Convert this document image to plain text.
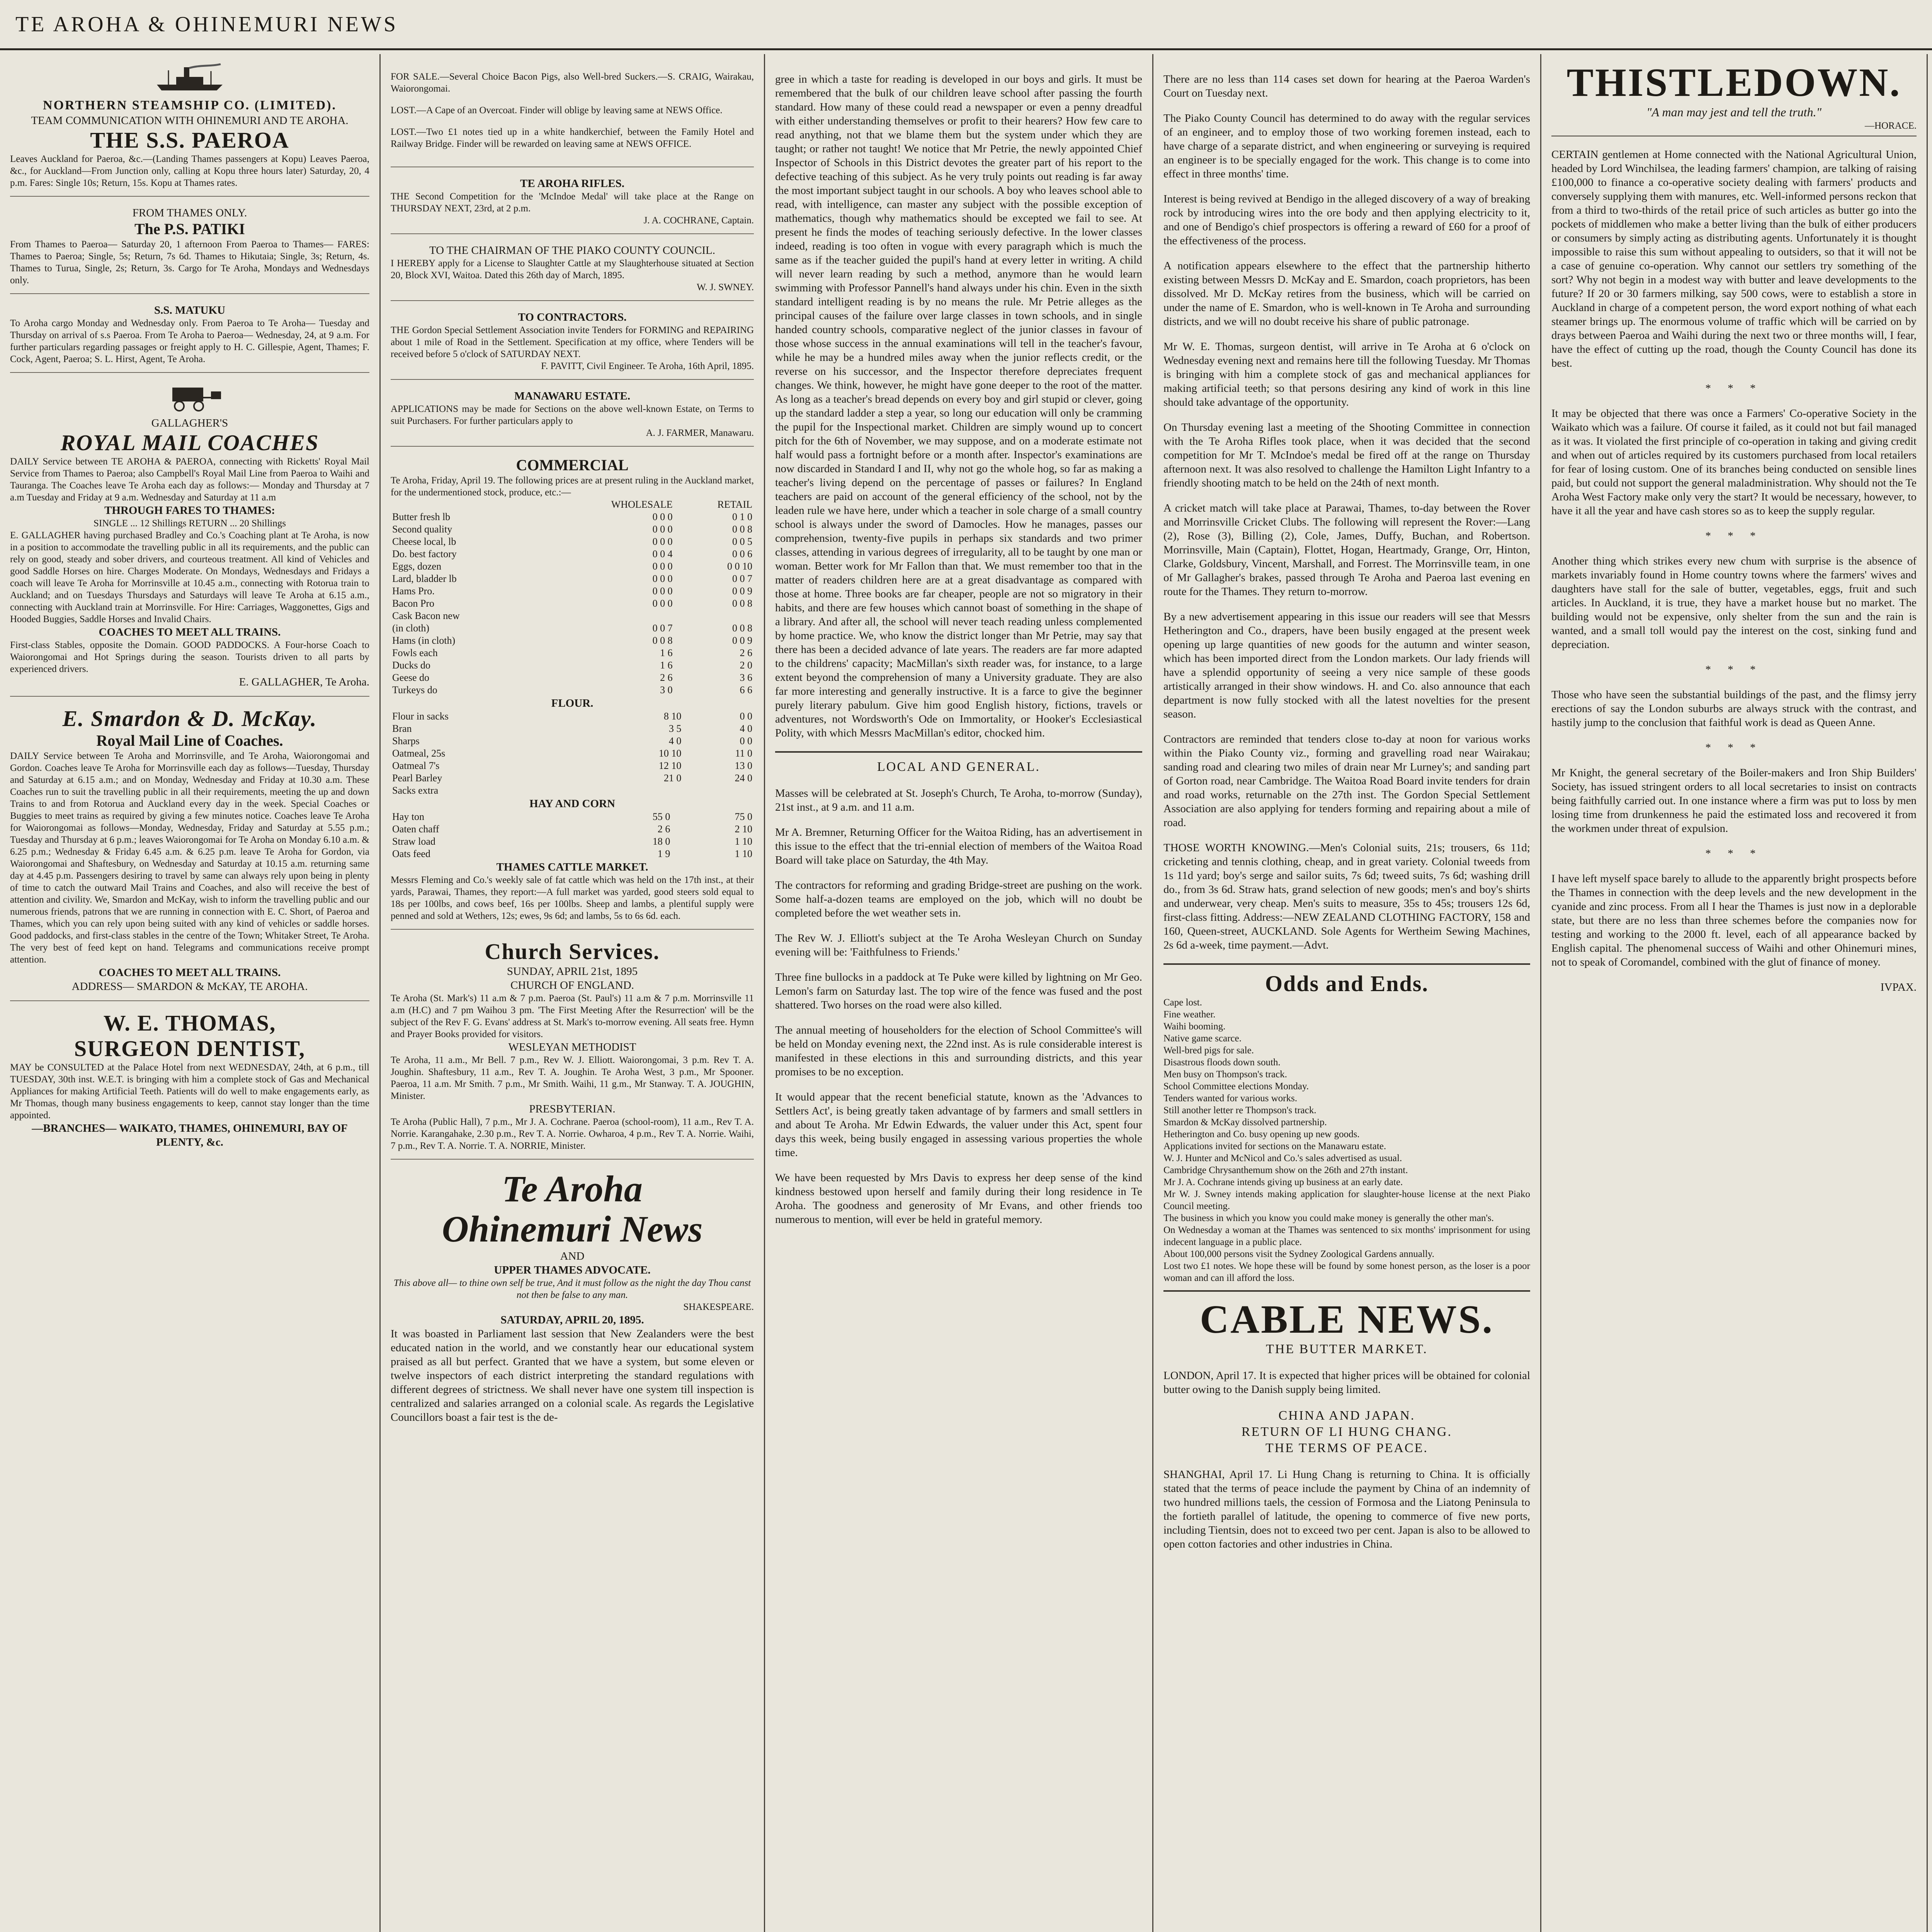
TE AROHA & OHINEMURI NEWS
NORTHERN STEAMSHIP CO. (LIMITED).
TEAM COMMUNICATION WITH OHINEMURI AND TE AROHA.
THE S.S. PAEROA
Leaves Auckland for Paeroa, &c.—(Landing Thames passengers at Kopu) Leaves Paeroa, &c., for Auckland—From Junction only, calling at Kopu three hours later) Saturday, 20, 4 p.m. Fares: Single 10s; Return, 15s. Kopu at Thames rates.
FROM THAMES ONLY.
The P.S. PATIKI
From Thames to Paeroa— Saturday 20, 1 afternoon From Paeroa to Thames— FARES: Thames to Paeroa; Single, 5s; Return, 7s 6d. Thames to Hikutaia; Single, 3s; Return, 4s. Thames to Turua, Single, 2s; Return, 3s. Cargo for Te Aroha, Mondays and Wednesdays only.
S.S. MATUKU
To Aroha cargo Monday and Wednesday only. From Paeroa to Te Aroha— Tuesday and Thursday on arrival of s.s Paeroa. From Te Aroha to Paeroa— Wednesday, 24, at 9 a.m. For further particulars regarding passages or freight apply to H. C. Gillespie, Agent, Thames; F. Cock, Agent, Paeroa; S. L. Hirst, Agent, Te Aroha.
GALLAGHER'S
ROYAL MAIL COACHES
DAILY Service between TE AROHA & PAEROA, connecting with Ricketts' Royal Mail Service from Thames to Paeroa; also Campbell's Royal Mail Line from Paeroa to Waihi and Tauranga. The Coaches leave Te Aroha each day as follows:— Monday and Thursday at 7 a.m Tuesday and Friday at 9 a.m. Wednesday and Saturday at 11 a.m
THROUGH FARES TO THAMES:
SINGLE ... 12 Shillings RETURN ... 20 Shillings
E. GALLAGHER having purchased Bradley and Co.'s Coaching plant at Te Aroha, is now in a position to accommodate the travelling public in all its requirements, and the public can rely on good, steady and sober drivers, and courteous treatment. All kind of Vehicles and good Saddle Horses on hire. Charges Moderate. On Mondays, Wednesdays and Fridays a coach will leave Te Aroha for Morrinsville at 10.45 a.m., connecting with Rotorua train to Auckland; and on Tuesdays Thursdays and Saturdays will leave Te Aroha at 6.15 a.m., connecting with Auckland train at Morrinsville. For Hire: Carriages, Waggonettes, Gigs and Hooded Buggies, Saddle Horses and Invalid Chairs.
COACHES TO MEET ALL TRAINS.
First-class Stables, opposite the Domain. GOOD PADDOCKS. A Four-horse Coach to Waiorongomai and Hot Springs during the season. Tourists driven to all parts by experienced drivers.
E. GALLAGHER, Te Aroha.
E. Smardon & D. McKay.
Royal Mail Line of Coaches.
DAILY Service between Te Aroha and Morrinsville, and Te Aroha, Waiorongomai and Gordon. Coaches leave Te Aroha for Morrinsville each day as follows—Tuesday, Thursday and Saturday at 6.15 a.m.; and on Monday, Wednesday and Friday at 10.30 a.m. These Coaches run to suit the travelling public in all their requirements, meeting the up and down Trains to and from Rotorua and Auckland every day in the week. Special Coaches or Buggies to meet trains as required by giving a few minutes notice. Coaches leave Te Aroha for Waiorongomai as follows—Monday, Wednesday, Friday and Saturday at 5.55 p.m.; Tuesday and Thursday at 6 p.m.; leaves Waiorongomai for Te Aroha on Monday 6.10 a.m. & 6.25 p.m.; Wednesday & Friday 6.45 a.m. & 6.25 p.m. leave Te Aroha for Gordon, via Waiorongomai and Shaftesbury, on Wednesday and Saturday at 10.15 a.m. returning same day at 4.45 p.m. Passengers desiring to travel by same can always rely upon being in plenty of time to catch the outward Mail Trains and Coaches, and also will receive the best of attention and civility. We, Smardon and McKay, wish to inform the travelling public and our numerous friends, patrons that we are running in connection with E. C. Short, of Paeroa and Thames, which you can rely upon being suited with any kind of vehicles or saddle horses. Good paddocks, and first-class stables in the centre of the Town; Whitaker Street, Te Aroha. The very best of feed kept on hand. Telegrams and communications receive prompt attention.
COACHES TO MEET ALL TRAINS.
ADDRESS— SMARDON & McKAY, TE AROHA.
W. E. THOMAS,
SURGEON DENTIST,
MAY be CONSULTED at the Palace Hotel from next WEDNESDAY, 24th, at 6 p.m., till TUESDAY, 30th inst. W.E.T. is bringing with him a complete stock of Gas and Mechanical Appliances for making Artificial Teeth. Patients will do well to make engagements early, as Mr Thomas, though many business engagements to keep, cannot stay longer than the time appointed.
—BRANCHES— WAIKATO, THAMES, OHINEMURI, BAY OF PLENTY, &c.

FOR SALE.—Several Choice Bacon Pigs, also Well-bred Suckers.—S. CRAIG, Wairakau, Waiorongomai.

LOST.—A Cape of an Overcoat. Finder will oblige by leaving same at NEWS Office.

LOST.—Two £1 notes tied up in a white handkerchief, between the Family Hotel and Railway Bridge. Finder will be rewarded on leaving same at NEWS OFFICE.

TE AROHA RIFLES.
THE Second Competition for the 'McIndoe Medal' will take place at the Range on THURSDAY NEXT, 23rd, at 2 p.m.
J. A. COCHRANE, Captain.
TO THE CHAIRMAN OF THE PIAKO COUNTY COUNCIL.
I HEREBY apply for a License to Slaughter Cattle at my Slaughterhouse situated at Section 20, Block XVI, Waitoa. Dated this 26th day of March, 1895.
W. J. SWNEY.
TO CONTRACTORS.
THE Gordon Special Settlement Association invite Tenders for FORMING and REPAIRING about 1 mile of Road in the Settlement. Specification at my office, where Tenders will be received before 5 o'clock of SATURDAY NEXT.
F. PAVITT, Civil Engineer. Te Aroha, 16th April, 1895.
MANAWARU ESTATE.
APPLICATIONS may be made for Sections on the above well-known Estate, on Terms to suit Purchasers. For further particulars apply to
A. J. FARMER, Manawaru.
COMMERCIAL
Te Aroha, Friday, April 19. The following prices are at present ruling in the Auckland market, for the undermentioned stock, produce, etc.:—
	WHOLESALE	RETAIL
Butter fresh lb	0 0 0	0 1 0
Second quality	0 0 0	0 0 8
Cheese local, lb	0 0 0	0 0 5
Do. best factory	0 0 4	0 0 6
Eggs, dozen	0 0 0	0 0 10
Lard, bladder lb	0 0 0	0 0 7
Hams Pro.	0 0 0	0 0 9
Bacon Pro	0 0 0	0 0 8
Cask Bacon new		
(in cloth)	0 0 7	0 0 8
Hams (in cloth)	0 0 8	0 0 9
Fowls each	1 6	2 6
Ducks do	1 6	2 0
Geese do	2 6	3 6
Turkeys do	3 0	6 6
FLOUR.
Flour in sacks	8 10	0 0
Bran	3 5	4 0
Sharps	4 0	0 0
Oatmeal, 25s	10 10	11 0
Oatmeal 7's	12 10	13 0
Pearl Barley	21 0	24 0
Sacks extra		
HAY AND CORN
Hay ton	55 0	75 0
Oaten chaff	2 6	2 10
Straw load	18 0	1 10
Oats feed	1 9	1 10
THAMES CATTLE MARKET.
Messrs Fleming and Co.'s weekly sale of fat cattle which was held on the 17th inst., at their yards, Parawai, Thames, they report:—A full market was yarded, good steers sold equal to 18s per 100lbs, and cows beef, 16s per 100lbs. Sheep and lambs, a plentiful supply were penned and sold at Wethers, 12s; ewes, 9s 6d; and lambs, 5s to 6s 6d. each.
Church Services.
SUNDAY, APRIL 21st, 1895
CHURCH OF ENGLAND.
Te Aroha (St. Mark's) 11 a.m & 7 p.m. Paeroa (St. Paul's) 11 a.m & 7 p.m. Morrinsville 11 a.m (H.C) and 7 pm Waihou 3 pm. 'The First Meeting After the Resurrection' will be the subject of the Rev F. G. Evans' address at St. Mark's to-morrow evening. All seats free. Hymn and Prayer Books provided for visitors.
WESLEYAN METHODIST
Te Aroha, 11 a.m., Mr Bell. 7 p.m., Rev W. J. Elliott. Waiorongomai, 3 p.m. Rev T. A. Joughin. Shaftesbury, 11 a.m., Rev T. A. Joughin. Te Aroha West, 3 p.m., Mr Spooner. Paeroa, 11 a.m. Mr Smith. 7 p.m., Mr Smith. Waihi, 11 g.m., Mr Stanway. T. A. JOUGHIN, Minister.
PRESBYTERIAN.
Te Aroha (Public Hall), 7 p.m., Mr J. A. Cochrane. Paeroa (school-room), 11 a.m., Rev T. A. Norrie. Karangahake, 2.30 p.m., Rev T. A. Norrie. Owharoa, 4 p.m., Rev T. A. Norrie. Waihi, 7 p.m., Rev T. A. Norrie. T. A. NORRIE, Minister.
Te Aroha
Ohinemuri News
AND
UPPER THAMES ADVOCATE.
This above all— to thine own self be true, And it must follow as the night the day Thou canst not then be false to any man.
SHAKESPEARE.
SATURDAY, APRIL 20, 1895.
It was boasted in Parliament last session that New Zealanders were the best educated nation in the world, and we constantly hear our educational system praised as all but perfect. Granted that we have a system, but some eleven or twelve inspectors of each district interpreting the standard regulations with different degrees of strictness. We shall never have one system till inspection is centralized and salaries arranged on a colonial scale. As regards the Legislative Councillors boast a fair test is the de-

gree in which a taste for reading is developed in our boys and girls. It must be remembered that the bulk of our children leave school after passing the fourth standard. How many of these could read a newspaper or even a penny dreadful with either understanding themselves or profit to their hearers? How few care to read anything, not that we blame them but the system under which they are taught; or rather not taught! We notice that Mr Petrie, the newly appointed Chief Inspector of Schools in this District devotes the greater part of his report to the defective teaching of this subject. As he very truly points out reading is far away the most important subject taught in our schools. A boy who leaves school able to read, with intelligence, can master any subject with the possible exception of mathematics, though why mathematics should be excepted we fail to see. At present he finds the modes of teaching seriously defective. In the lower classes indeed, reading is too often in vogue with every paragraph which is much the same as if the teacher guided the pupil's hand at every letter in writing. A child will never learn reading by such a method, anymore than he would learn swimming with Professor Pannell's hand always under his chin. Even in the sixth standard intelligent reading is by no means the rule. Mr Petrie alleges as the principal causes of the failure over large classes in town schools, and in single handed country schools, comparative neglect of the junior classes in favour of those whose success in the annual examinations will tell in the teacher's favour, while he may be a hundred miles away when the junior reflects credit, or the reverse on his successor, and the Inspector therefore depreciates frequent changes. We think, however, he might have gone deeper to the root of the matter. As long as a teacher's bread depends on every boy and girl stupid or clever, going up the standard ladder a step a year, so long our education will only be cramming the pupil for the Inspectional market. Children are simply wound up to concert pitch for the 6th of November, we may suppose, and on a moderate estimate not half would pass a fortnight before or a month after. Inspector's examinations are now discarded in Standard I and II, why not go the whole hog, so far as making a teacher's living depend on the percentage of passes or failures? In England teachers are paid on account of the general efficiency of the school, not by the leaden rule we have here, under which a teacher in sole charge of a small country school is always under the sword of Damocles. How he manages, passes our comprehension, twenty-five pupils in perhaps six standards and two primer classes, attending in various degrees of irregularity, all to be taught by one man or woman. Better work for Mr Fallon than that. We must remember too that in the matter of readers children here are at a great disadvantage as compared with those at home. Three books are far cheaper, people are not so migratory in their habits, and there are few houses which cannot boast of something in the shape of a library. And after all, the school will never teach reading unless complemented by home practice. We, who know the district longer than Mr Petrie, may say that there has been a decided advance of late years. The readers are far more adapted to the childrens' capacity; MacMillan's sixth reader was, for instance, to a large extent beyond the comprehension of many a University graduate. They are also far more interesting and generally instructive. It is a farce to give the beginner purely literary pabulum. Give him good English history, fictions, travels or adventures, not Wordsworth's Ode on Immortality, or Hooker's Ecclesiastical Polity, with which Messrs MacMillan's editor, chocked him.

LOCAL AND GENERAL.

Masses will be celebrated at St. Joseph's Church, Te Aroha, to-morrow (Sunday), 21st inst., at 9 a.m. and 11 a.m.

Mr A. Bremner, Returning Officer for the Waitoa Riding, has an advertisement in this issue to the effect that the tri-ennial election of members of the Waitoa Road Board will take place on Saturday, the 4th May.

The contractors for reforming and grading Bridge-street are pushing on the work. Some half-a-dozen teams are employed on the job, which will no doubt be completed before the wet weather sets in.

The Rev W. J. Elliott's subject at the Te Aroha Wesleyan Church on Sunday evening will be: 'Faithfulness to Friends.'

Three fine bullocks in a paddock at Te Puke were killed by lightning on Mr Geo. Lemon's farm on Saturday last. The top wire of the fence was fused and the post shattered. Two horses on the road were also killed.

The annual meeting of householders for the election of School Committee's will be held on Monday evening next, the 22nd inst. As is rule considerable interest is manifested in these elections in this and surrounding districts, and this year promises to be no exception.

It would appear that the recent beneficial statute, known as the 'Advances to Settlers Act', is being greatly taken advantage of by farmers and small settlers in and about Te Aroha. Mr Edwin Edwards, the valuer under this Act, spent four days this week, being busily engaged in assessing various properties the whole time.

We have been requested by Mrs Davis to express her deep sense of the kind kindness bestowed upon herself and family during their long residence in Te Aroha. The goodness and generosity of Mr Evans, and other friends too numerous to mention, will ever be held in grateful memory.

There are no less than 114 cases set down for hearing at the Paeroa Warden's Court on Tuesday next.

The Piako County Council has determined to do away with the regular services of an engineer, and to employ those of two working foremen instead, each to have charge of a separate district, and when engineering or surveying is required an engineer is to be specially engaged for the work. This change is to come into effect in three months' time.

Interest is being revived at Bendigo in the alleged discovery of a way of breaking rock by introducing wires into the ore body and then applying electricity to it, and one of Bendigo's chief prospectors is offering a reward of £60 for a proof of the effectiveness of the process.

A notification appears elsewhere to the effect that the partnership hitherto existing between Messrs D. McKay and E. Smardon, coach proprietors, has been dissolved. Mr D. McKay retires from the business, which will be carried on under the name of E. Smardon, who is well-known in Te Aroha and surrounding districts, and we will no doubt receive his share of public patronage.

Mr W. E. Thomas, surgeon dentist, will arrive in Te Aroha at 6 o'clock on Wednesday evening next and remains here till the following Tuesday. Mr Thomas is bringing with him a complete stock of gas and mechanical appliances for making artificial teeth; so that persons desiring any kind of work in this line should take advantage of the opportunity.

On Thursday evening last a meeting of the Shooting Committee in connection with the Te Aroha Rifles took place, when it was decided that the second competition for Mr T. McIndoe's medal be fired off at the range on Thursday afternoon next. It was also resolved to challenge the Hamilton Light Infantry to a friendly shooting match to be held on the 24th of next month.

A cricket match will take place at Parawai, Thames, to-day between the Rover and Morrinsville Cricket Clubs. The following will represent the Rover:—Lang (2), Rose (3), Billing (2), Cole, James, Duffy, Buchan, and Robertson. Morrinsville, Main (Captain), Flottet, Hogan, Heartmady, Grange, Orr, Hinton, Clarke, Goldsbury, Vincent, Marshall, and Forrest. The Morrinsville team, in one of Mr Gallagher's brakes, passed through Te Aroha and Paeroa last evening en route for the Thames. They return to-morrow.

By a new advertisement appearing in this issue our readers will see that Messrs Hetherington and Co., drapers, have been busily engaged at the present week opening up large quantities of new goods for the autumn and winter season, which has been imported direct from the London markets. Our lady friends will have a splendid opportunity of seeing a very nice sample of these goods artistically arranged in their show windows. H. and Co. also announce that each department is now fully stocked with all the latest novelties for the present season.

Contractors are reminded that tenders close to-day at noon for various works within the Piako County viz., forming and gravelling road near Wairakau; sanding road and clearing two miles of drain near Mr Lurney's; and sanding part of Gorton road, near Cambridge. The Waitoa Road Board invite tenders for drain and road works, returnable on the 27th inst. The Gordon Special Settlement Association are also applying for tenders forming and repairing about a mile of road.

THOSE WORTH KNOWING.—Men's Colonial suits, 21s; trousers, 6s 11d; cricketing and tennis clothing, cheap, and in great variety. Colonial tweeds from 1s 11d yard; boy's serge and sailor suits, 7s 6d; tweed suits, 7s 6d; washing drill do., from 3s 6d. Straw hats, grand selection of new goods; men's and boy's shirts and underwear, very cheap. Men's suits to measure, 35s to 45s; trousers 12s 6d, first-class fitting. Address:—NEW ZEALAND CLOTHING FACTORY, 158 and 160, Queen-street, AUCKLAND. Sole Agents for Wertheim Sewing Machines, 2s 6d a-week, time payment.—Advt.

Odds and Ends.
Cape lost.
Fine weather.
Waihi booming.
Native game scarce.
Well-bred pigs for sale.
Disastrous floods down south.
Men busy on Thompson's track.
School Committee elections Monday.
Tenders wanted for various works.
Still another letter re Thompson's track.
Smardon & McKay dissolved partnership.
Hetherington and Co. busy opening up new goods.
Applications invited for sections on the Manawaru estate.
W. J. Hunter and McNicol and Co.'s sales advertised as usual.
Cambridge Chrysanthemum show on the 26th and 27th instant.
Mr J. A. Cochrane intends giving up business at an early date.
Mr W. J. Swney intends making application for slaughter-house license at the next Piako Council meeting.
The business in which you know you could make money is generally the other man's.
On Wednesday a woman at the Thames was sentenced to six months' imprisonment for using indecent language in a public place.
About 100,000 persons visit the Sydney Zoological Gardens annually.
Lost two £1 notes. We hope these will be found by some honest person, as the loser is a poor woman and can ill afford the loss.
CABLE NEWS.
THE BUTTER MARKET.

LONDON, April 17. It is expected that higher prices will be obtained for colonial butter owing to the Danish supply being limited.

CHINA AND JAPAN.
RETURN OF LI HUNG CHANG.
THE TERMS OF PEACE.

SHANGHAI, April 17. Li Hung Chang is returning to China. It is officially stated that the terms of peace include the payment by China of an indemnity of two hundred millions taels, the cession of Formosa and the Liatong Peninsula to the fortieth parallel of latitude, the opening to commerce of five new ports, including Tientsin, does not to exceed two per cent. Japan is also to be allowed to open cotton factories and other industries in China.

THISTLEDOWN.
"A man may jest and tell the truth."
—HORACE.

CERTAIN gentlemen at Home connected with the National Agricultural Union, headed by Lord Winchilsea, the leading farmers' champion, are talking of raising £100,000 to finance a co-operative society dealing with farmers' products and conversely supplying them with manures, etc. Well-informed persons reckon that from a third to two-thirds of the retail price of such articles as butter go into the pockets of middlemen who make a better living than the bulk of either producers or consumers by simply acting as distributing agents. Unfortunately it is thought impossible to raise this sum without appealing to outsiders, so that it will not be a case of genuine co-operation. Why cannot our settlers try something of the sort? Why not begin in a modest way with butter and leave developments to the future? If 20 or 30 farmers milking, say 500 cows, were to establish a store in Auckland in charge of a competent person, the word export nothing of what each steamer brings up. The enormous volume of traffic which will be carried on by drays between Paeroa and Waihi during the next two or three months will, I fear, have the effect of cutting up the road, though the County Council has done its best.

* * *

It may be objected that there was once a Farmers' Co-operative Society in the Waikato which was a failure. Of course it failed, as it could not but fail managed as it was. It violated the first principle of co-operation in taking and giving credit and when out of articles required by its customers purchased from local retailers for fear of losing custom. One of its branches being conducted on sensible lines paid, but could not support the general maladministration. Why should not the Te Aroha West Factory make only very the start? It would be necessary, however, to have it all the year and have cash stores so as to keep the supply regular.

* * *

Another thing which strikes every new chum with surprise is the absence of markets invariably found in Home country towns where the farmers' wives and daughters have stall for the sale of butter, vegetables, eggs, fruit and such articles. In Auckland, it is true, they have a market house but no market. The building would not be expensive, only shelter from the sun and the rain is wanted, and a small toll would pay the interest on the cost, sinking fund and depreciation.

* * *

Those who have seen the substantial buildings of the past, and the flimsy jerry erections of say the London suburbs are always struck with the contrast, and hastily jump to the conclusion that faithful work is dead as Queen Anne.

* * *

Mr Knight, the general secretary of the Boiler-makers and Iron Ship Builders' Society, has issued stringent orders to all local secretaries to insist on contracts being faithfully carried out. In one instance where a firm was put to loss by men losing time from drunkenness he paid the estimated loss and recovered it from the workmen under threat of expulsion.

* * *

I have left myself space barely to allude to the apparently bright prospects before the Thames in connection with the deep levels and the new development in the cyanide and zinc process. From all I hear the Thames is just now in a deplorable state, but there are no less than three schemes before the companies now for testing and working to the 2000 ft. level, each of all appearance backed by English capital. The phenomenal success of Waihi and other Ohinemuri mines, not to speak of Coromandel, combined with the glut of finance of money.

IVPAX.
